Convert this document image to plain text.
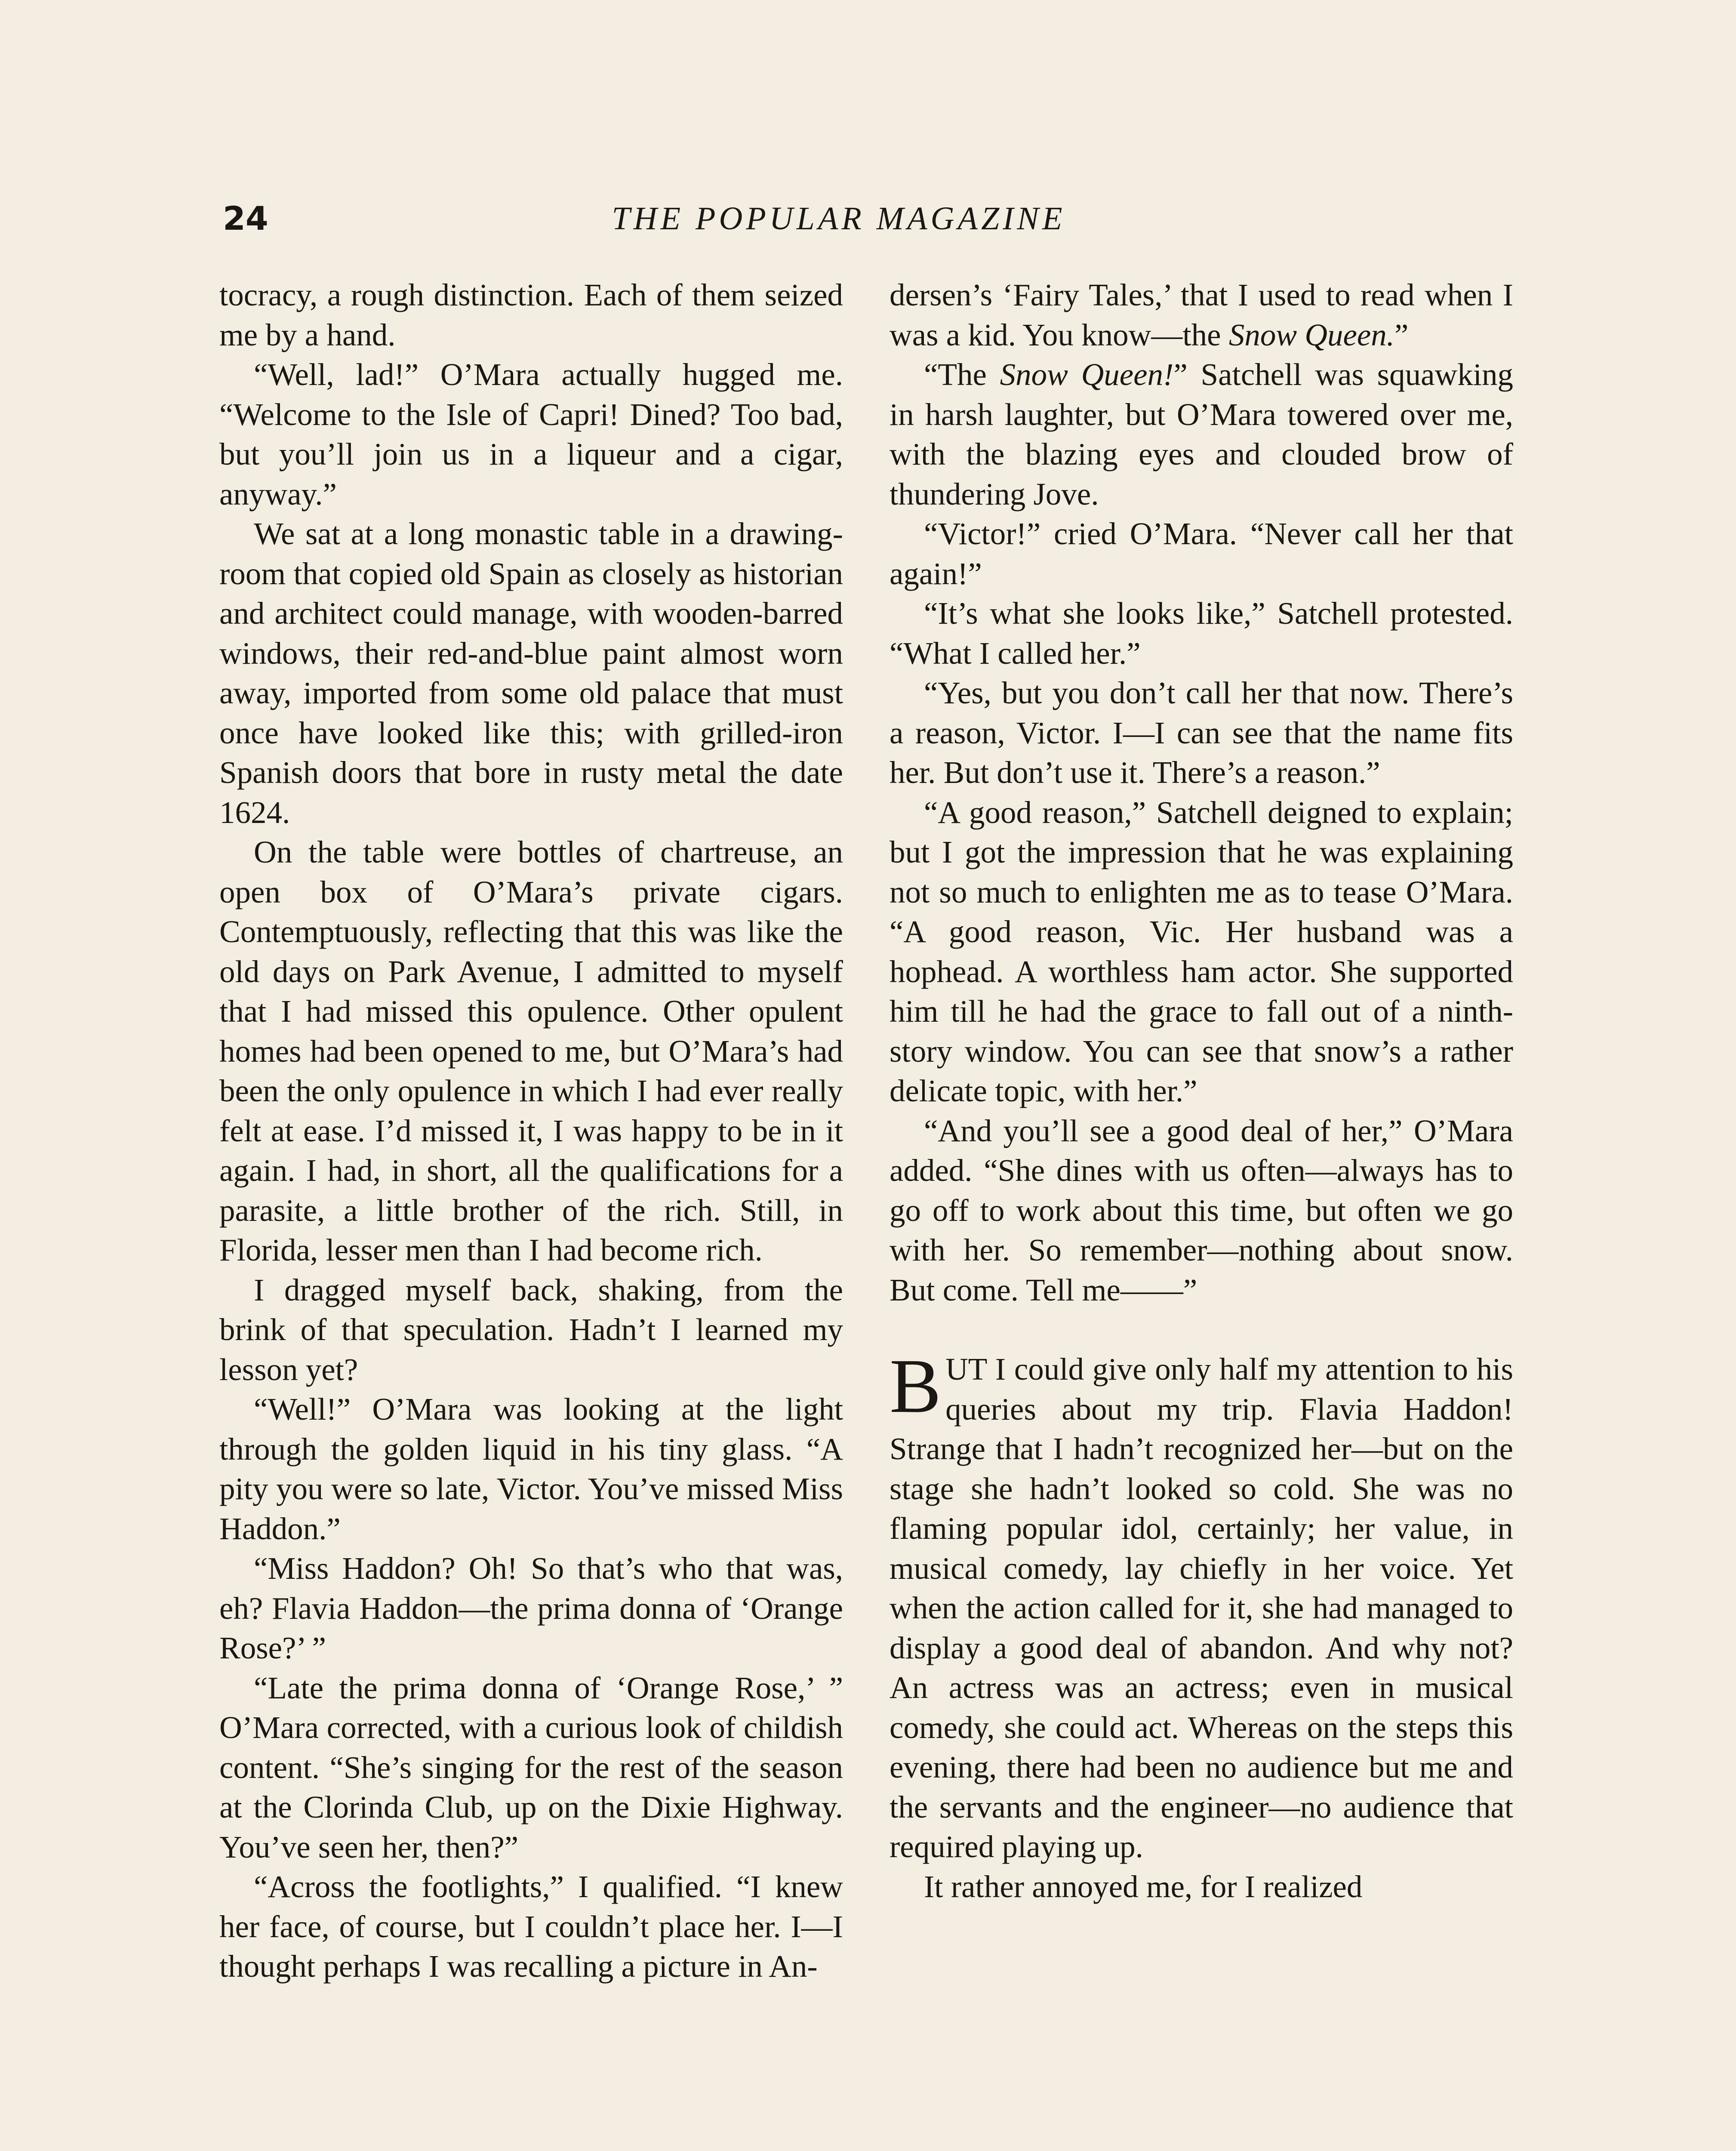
24	THE POPULAR MAGAZINE

tocracy, a rough distinction. Each of them seized me by a hand.

“Well, lad!” O’Mara actually hugged me. “Welcome to the Isle of Capri! Dined? Too bad, but you’ll join us in a liqueur and a cigar, anyway.”

We sat at a long monastic table in a drawing-room that copied old Spain as closely as historian and architect could manage, with wooden-barred windows, their red-and-blue paint almost worn away, imported from some old palace that must once have looked like this; with grilled-iron Spanish doors that bore in rusty metal the date 1624.

On the table were bottles of chartreuse, an open box of O’Mara’s private cigars. Contemptuously, reflecting that this was like the old days on Park Avenue, I admitted to myself that I had missed this opulence. Other opulent homes had been opened to me, but O’Mara’s had been the only opulence in which I had ever really felt at ease. I’d missed it, I was happy to be in it again. I had, in short, all the qualifications for a parasite, a little brother of the rich. Still, in Florida, lesser men than I had become rich.

I dragged myself back, shaking, from the brink of that speculation. Hadn’t I learned my lesson yet?

“Well!” O’Mara was looking at the light through the golden liquid in his tiny glass. “A pity you were so late, Victor. You’ve missed Miss Haddon.”

“Miss Haddon? Oh! So that’s who that was, eh? Flavia Haddon—the prima donna of ‘Orange Rose?’ ”

“Late the prima donna of ‘Orange Rose,’ ” O’Mara corrected, with a curious look of childish content. “She’s singing for the rest of the season at the Clorinda Club, up on the Dixie Highway. You’ve seen her, then?”

“Across the footlights,” I qualified. “I knew her face, of course, but I couldn’t place her. I—I thought perhaps I was recalling a picture in An-

dersen’s ‘Fairy Tales,’ that I used to read when I was a kid. You know—the Snow Queen.”

“The Snow Queen!” Satchell was squawking in harsh laughter, but O’Mara towered over me, with the blazing eyes and clouded brow of thundering Jove.

“Victor!” cried O’Mara. “Never call her that again!”

“It’s what she looks like,” Satchell protested. “What I called her.”

“Yes, but you don’t call her that now. There’s a reason, Victor. I—I can see that the name fits her. But don’t use it. There’s a reason.”

“A good reason,” Satchell deigned to explain; but I got the impression that he was explaining not so much to enlighten me as to tease O’Mara. “A good reason, Vic. Her husband was a hophead. A worthless ham actor. She supported him till he had the grace to fall out of a ninth-story window. You can see that snow’s a rather delicate topic, with her.”

“And you’ll see a good deal of her,” O’Mara added. “She dines with us often—always has to go off to work about this time, but often we go with her. So remember—nothing about snow. But come. Tell me——”

BUT I could give only half my attention to his queries about my trip. Flavia Haddon! Strange that I hadn’t recognized her—but on the stage she hadn’t looked so cold. She was no flaming popular idol, certainly; her value, in musical comedy, lay chiefly in her voice. Yet when the action called for it, she had managed to display a good deal of abandon. And why not? An actress was an actress; even in musical comedy, she could act. Whereas on the steps this evening, there had been no audience but me and the servants and the engineer—no audience that required playing up.

It rather annoyed me, for I realized
